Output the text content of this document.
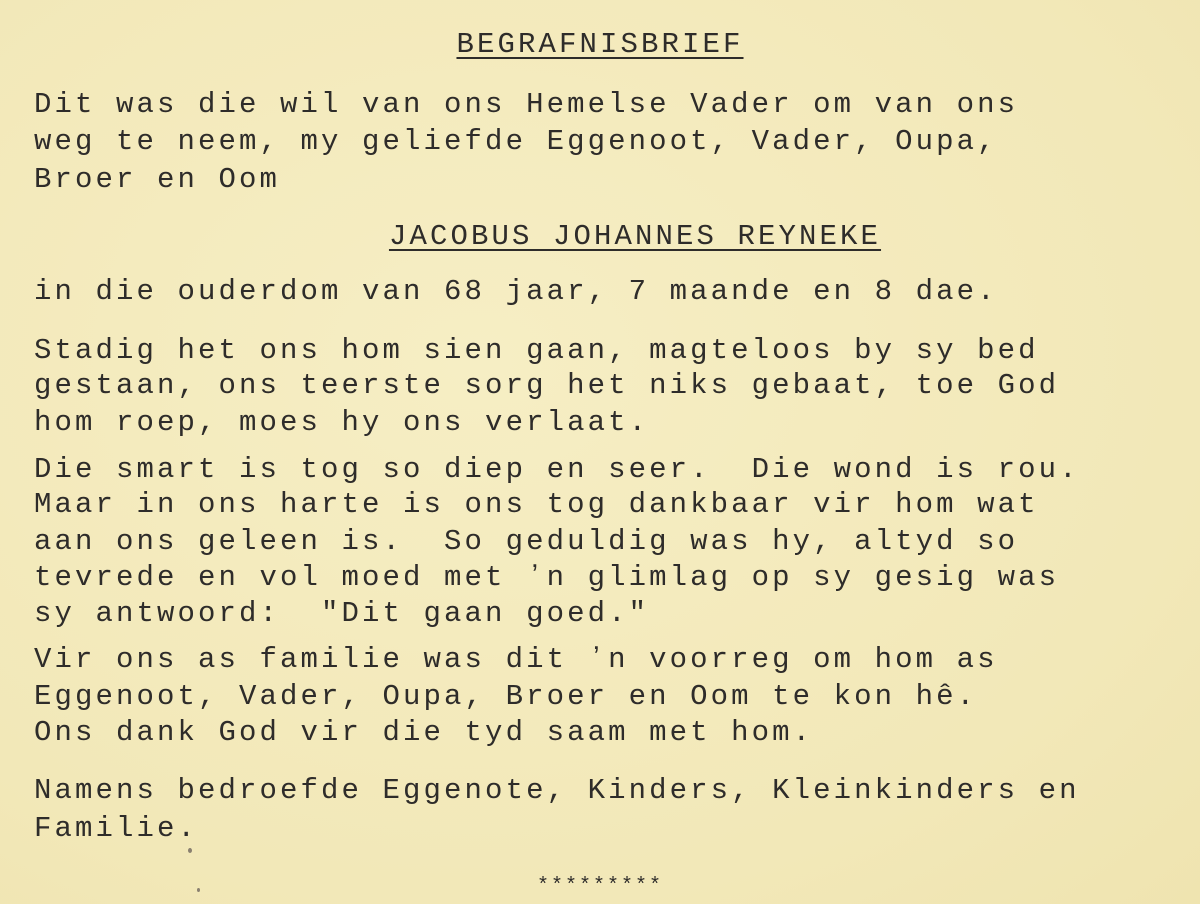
BEGRAFNISBRIEF

Dit was die wil van ons Hemelse Vader om van ons

weg te neem, my geliefde Eggenoot, Vader, Oupa,

Broer en Oom

JACOBUS JOHANNES REYNEKE

in die ouderdom van 68 jaar, 7 maande en 8 dae.

Stadig het ons hom sien gaan, magteloos by sy bed

gestaan, ons teerste sorg het niks gebaat, toe God

hom roep, moes hy ons verlaat.

Die smart is tog so diep en seer.  Die wond is rou.

Maar in ons harte is ons tog dankbaar vir hom wat

aan ons geleen is.  So geduldig was hy, altyd so

tevrede en vol moed met ʼn glimlag op sy gesig was

sy antwoord:  "Dit gaan goed."

Vir ons as familie was dit ʼn voorreg om hom as

Eggenoot, Vader, Oupa, Broer en Oom te kon hê.

Ons dank God vir die tyd saam met hom.

Namens bedroefde Eggenote, Kinders, Kleinkinders en

Familie.

*********
